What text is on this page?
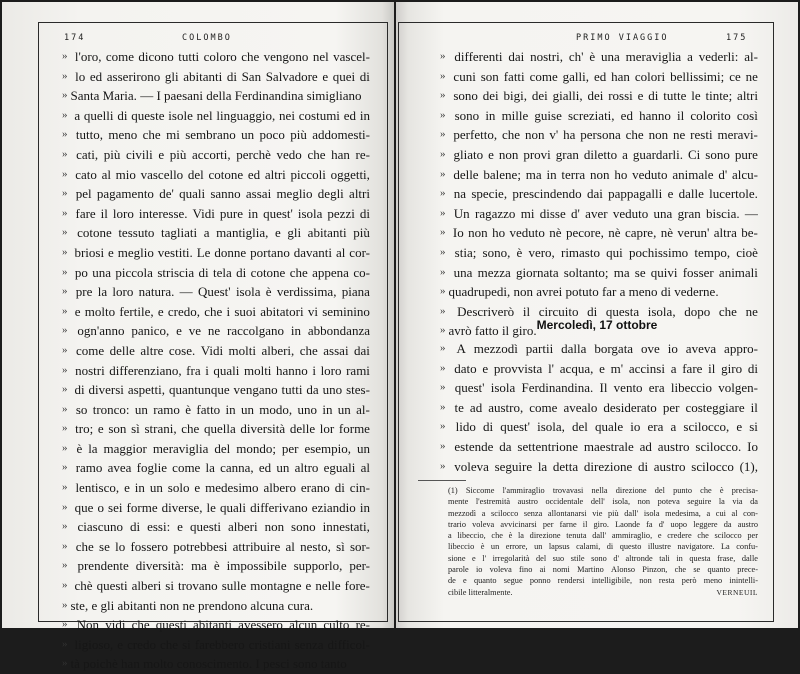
174	COLOMBO
» l'oro, come dicono tutti coloro che vengono nel vascel-
» lo ed asserirono gli abitanti di San Salvadore e quei di
» Santa Maria. — I paesani della Ferdinandina simigliano
» a quelli di queste isole nel linguaggio, nei costumi ed in
» tutto, meno che mi sembrano un poco più addomesti-
» cati, più civili e più accorti, perchè vedo che han re-
» cato al mio vascello del cotone ed altri piccoli oggetti,
» pel pagamento de' quali sanno assai meglio degli altri
» fare il loro interesse. Vidi pure in quest' isola pezzi di
» cotone tessuto tagliati a mantiglia, e gli abitanti più
» briosi e meglio vestiti. Le donne portano davanti al cor-
» po una piccola striscia di tela di cotone che appena co-
» pre la loro natura. — Quest' isola è verdissima, piana
» e molto fertile, e credo, che i suoi abitatori vi seminino
» ogn'anno panico, e ve ne raccolgano in abbondanza
» come delle altre cose. Vidi molti alberi, che assai dai
» nostri differenziano, fra i quali molti hanno i loro rami
» di diversi aspetti, quantunque vengano tutti da uno stes-
» so tronco: un ramo è fatto in un modo, uno in un al-
» tro; e son sì strani, che quella diversità delle lor forme
» è la maggior meraviglia del mondo; per esempio, un
» ramo avea foglie come la canna, ed un altro eguali al
» lentisco, e in un solo e medesimo albero erano di cin-
» que o sei forme diverse, le quali differivano eziandio in
» ciascuno di essi: e questi alberi non sono innestati,
» che se lo fossero potrebbesi attribuire al nesto, sì sor-
» prendente diversità: ma è impossibile supporlo, per-
» chè questi alberi si trovano sulle montagne e nelle fore-
» ste, e gli abitanti non ne prendono alcuna cura.
» Non vidi che questi abitanti avessero alcun culto re-
» ligioso, e credo che si farebbero cristiani senza difficol-
» tà poichè han molto conoscimento. I pesci sono tanto
PRIMO VIAGGIO	175
» differenti dai nostri, ch' è una meraviglia a vederli: al-
» cuni son fatti come galli, ed han colori bellissimi; ce ne
» sono dei bigi, dei gialli, dei rossi e di tutte le tinte; altri
» sono in mille guise screziati, ed hanno il colorito così
» perfetto, che non v' ha persona che non ne resti meravi-
» gliato e non provi gran diletto a guardarli. Ci sono pure
» delle balene; ma in terra non ho veduto animale d' alcu-
» na specie, prescindendo dai pappagalli e dalle lucertole.
» Un ragazzo mi disse d' aver veduto una gran biscia. —
» Io non ho veduto nè pecore, nè capre, nè verun' altra be-
» stia; sono, è vero, rimasto qui pochissimo tempo, cioè
» una mezza giornata soltanto; ma se quivi fosser animali
» quadrupedi, non avrei potuto far a meno di vederne.
» Descriverò il circuito di questa isola, dopo che ne
» avrò fatto il giro. Mercoledì, 17 ottobre
» A mezzodì partii dalla borgata ove io aveva appro-
» dato e provvista l' acqua, e m' accinsi a fare il giro di
» quest' isola Ferdinandina. Il vento era libeccio volgen-
» te ad austro, come avealo desiderato per costeggiare il
» lido di quest' isola, del quale io era a scilocco, e si
» estende da settentrione maestrale ad austro scilocco. Io
» voleva seguire la detta direzione di austro scilocco (1),
(1) Siccome l'ammiraglio trovavasi nella direzione del punto che è precisa-
mente l'estremità austro occidentale dell' isola, non poteva seguire la via da
mezzodì a scilocco senza allontanarsi vie più dall' isola medesima, a cui al con-
trario voleva avvicinarsi per farne il giro. Laonde fa d' uopo leggere da austro
a libeccio, che è la direzione tenuta dall' ammiraglio, e credere che scilocco per
libeccio è un errore, un lapsus calami, di questo illustre navigatore. La confu-
sione e l' irregolarità del suo stile sono d' altronde tali in questa frase, dalle
parole io voleva fino ai nomi Martino Alonso Pinzon, che se quanto prece-
de e quanto segue ponno rendersi intelligibile, non resta però meno inintelli-
cibile litteralmente.	VERNEUIL
